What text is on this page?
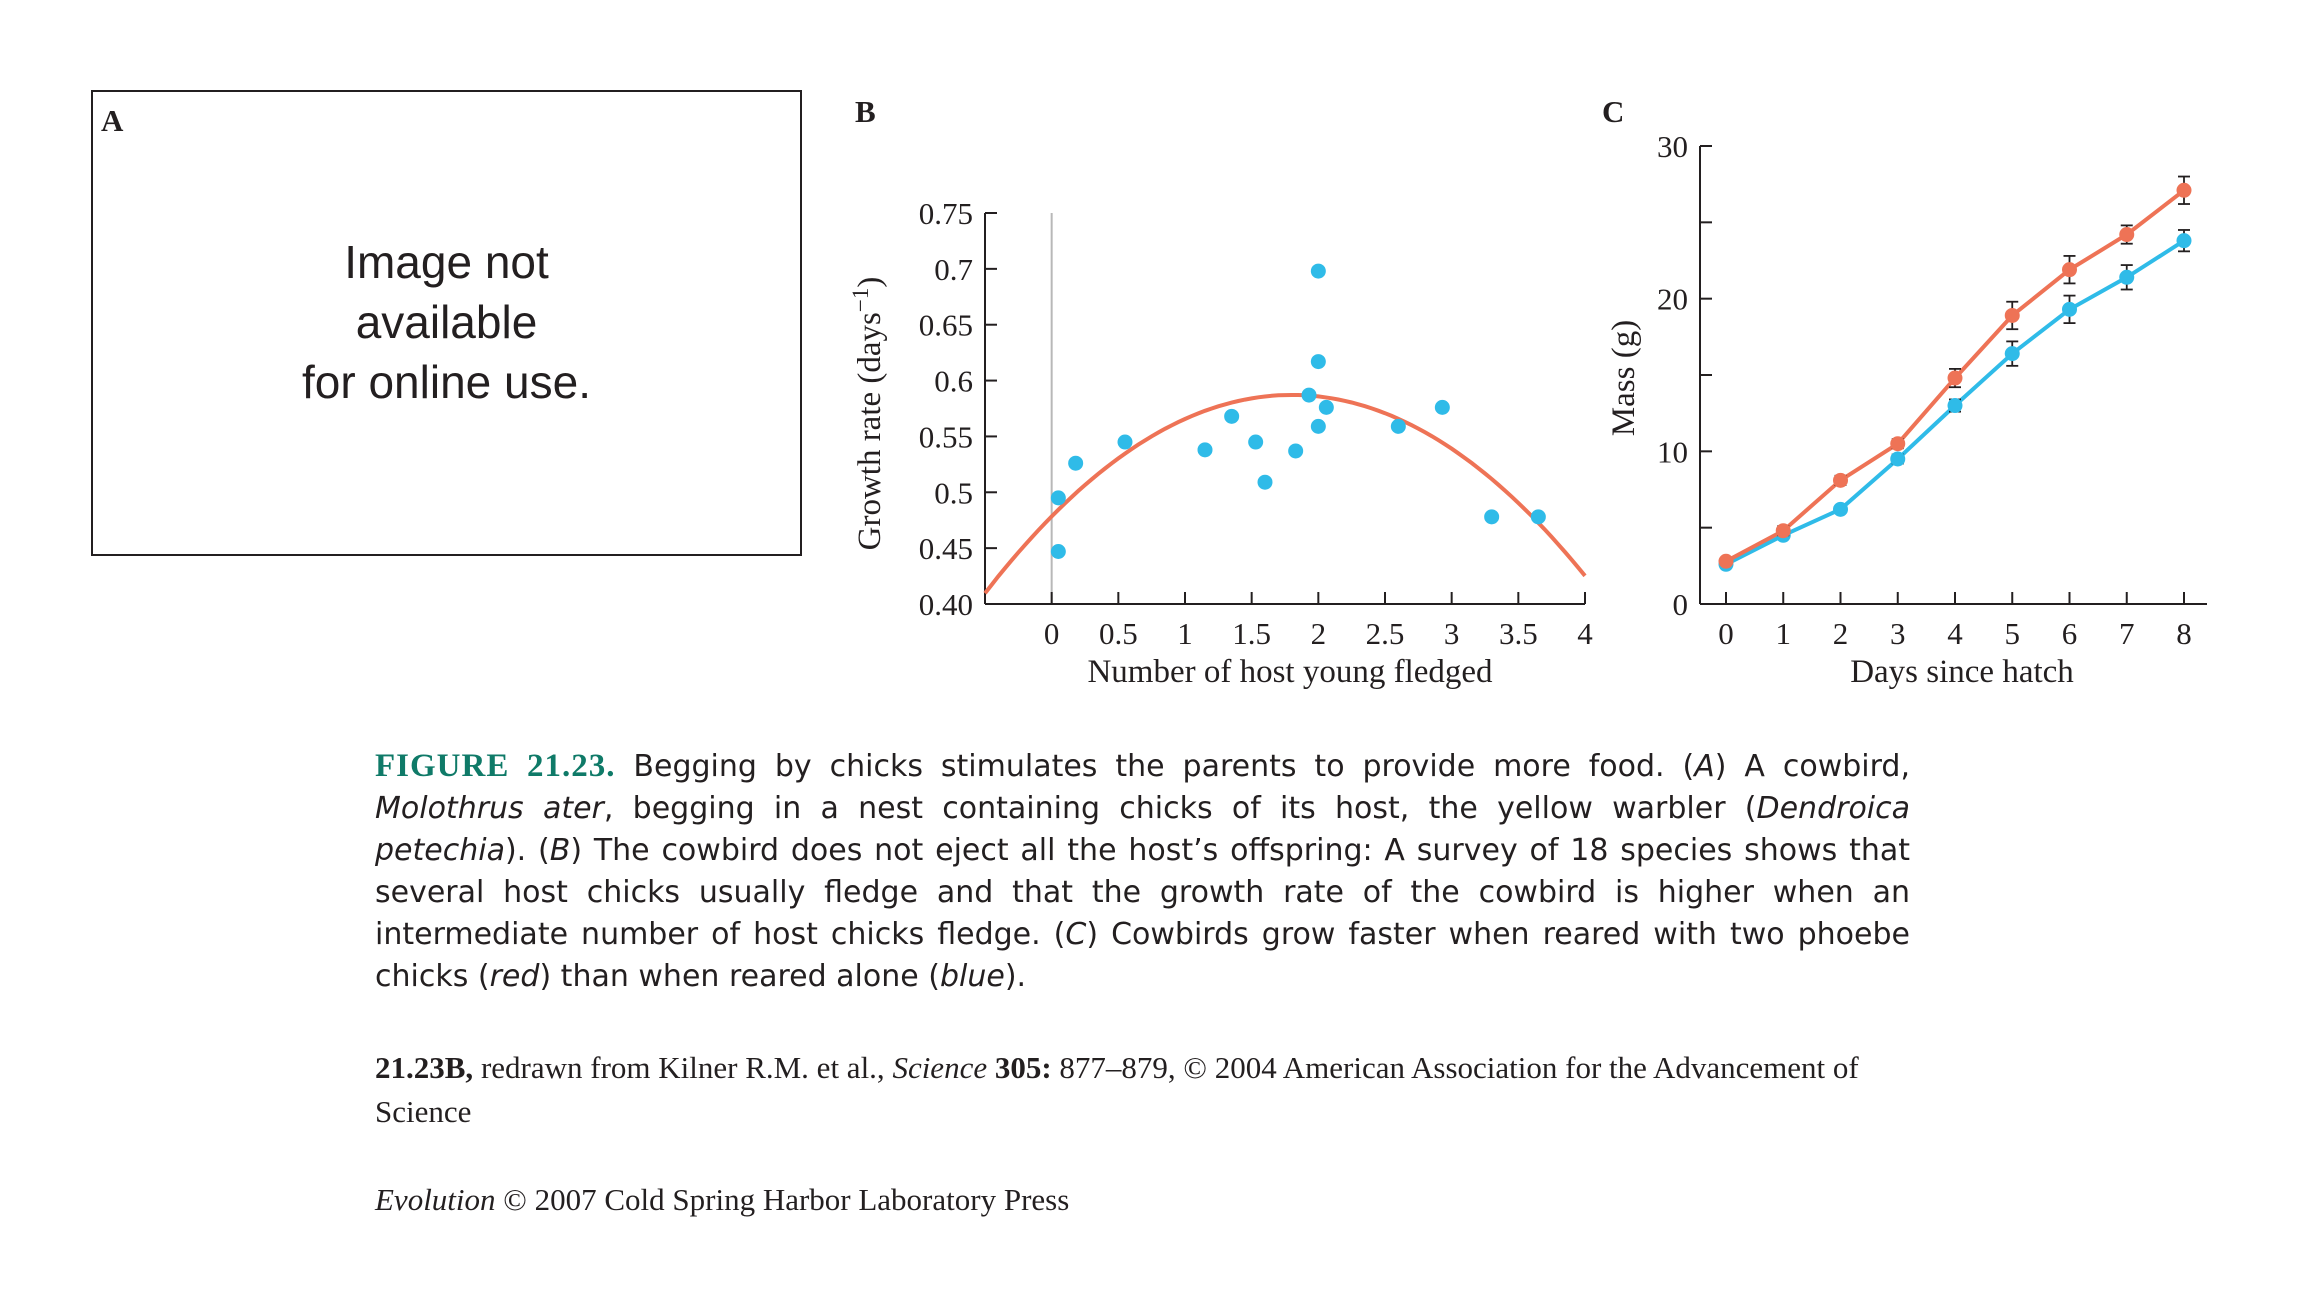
A
Image not
available
for online use.
B	C
0.40
0.45
0.5
0.55
0.6
0.65
0.7
0.75
0 0.5 1 1.5 2 2.5 3 3.5 4
Number of host young fledged
Growth rate (days$^{-1}$)
0
10
20
30
0 1 2 3 4 5 6 7 8
Days since hatch
Mass (g)
FIGURE 21.23. Begging by chicks stimulates the parents to provide more food. (A) A cowbird, Molothrus ater, begging in a nest containing chicks of its host, the yellow warbler (Dendroica petechia). (B) The cowbird does not eject all the host’s offspring: A survey of 18 species shows that several host chicks usually fledge and that the growth rate of the cowbird is higher when an intermediate number of host chicks fledge. (C) Cowbirds grow faster when reared with two phoebe chicks (red) than when reared alone (blue).
21.23B, redrawn from Kilner R.M. et al., Science 305: 877–879, © 2004 American Association for the Advancement of Science
Evolution © 2007 Cold Spring Harbor Laboratory Press
